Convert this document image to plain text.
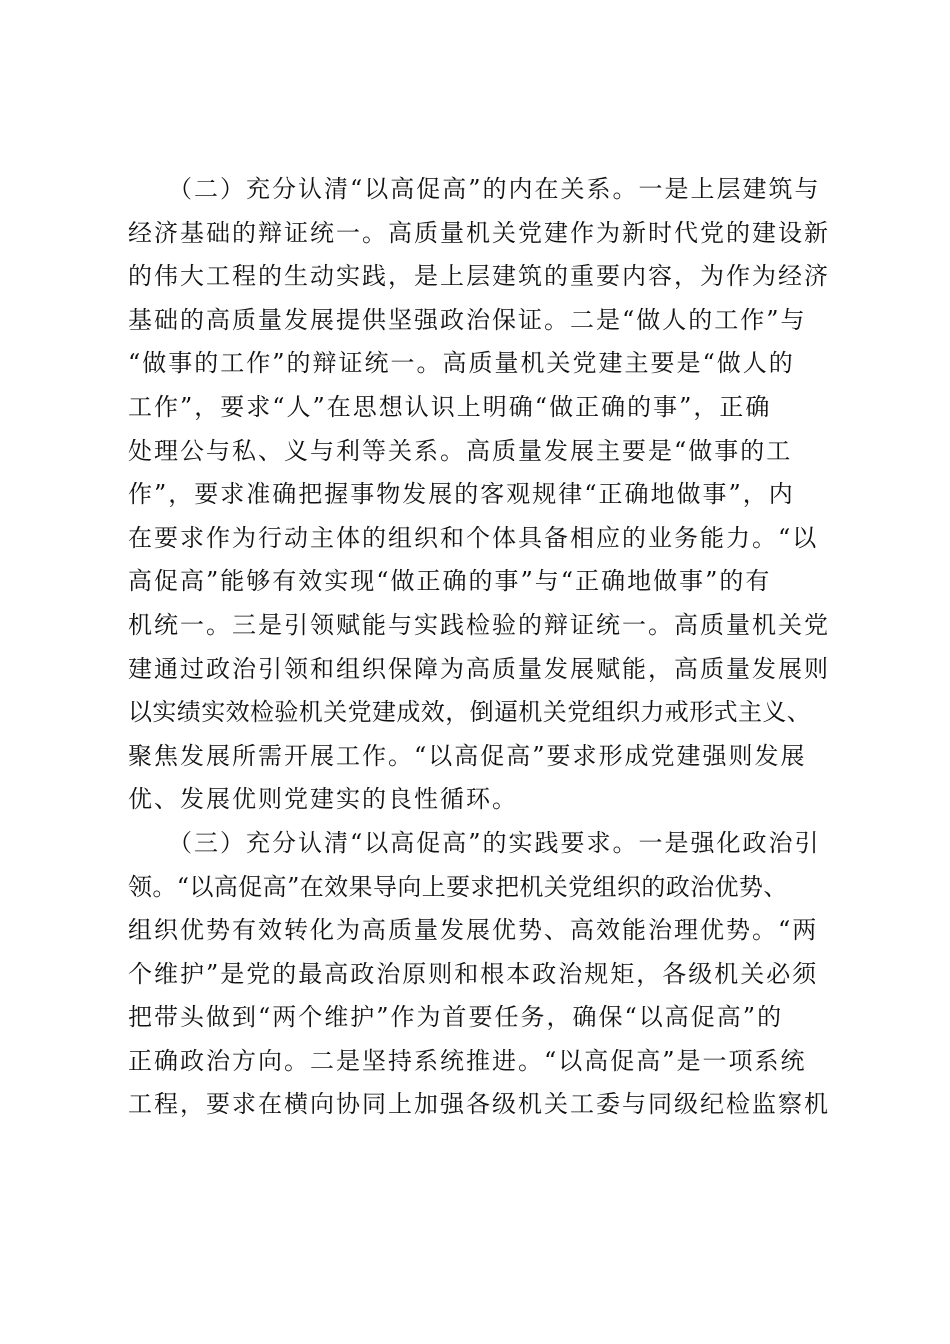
（二）充分认清“以高促高”的内在关系。一是上层建筑与
经济基础的辩证统一。高质量机关党建作为新时代党的建设新
的伟大工程的生动实践，是上层建筑的重要内容，为作为经济
基础的高质量发展提供坚强政治保证。二是“做人的工作”与
“做事的工作”的辩证统一。高质量机关党建主要是“做人的
工作”，要求“人”在思想认识上明确“做正确的事”，正确
处理公与私、义与利等关系。高质量发展主要是“做事的工
作”，要求准确把握事物发展的客观规律“正确地做事”，内
在要求作为行动主体的组织和个体具备相应的业务能力。“以
高促高”能够有效实现“做正确的事”与“正确地做事”的有
机统一。三是引领赋能与实践检验的辩证统一。高质量机关党
建通过政治引领和组织保障为高质量发展赋能，高质量发展则
以实绩实效检验机关党建成效，倒逼机关党组织力戒形式主义、
聚焦发展所需开展工作。“以高促高”要求形成党建强则发展
优、发展优则党建实的良性循环。
（三）充分认清“以高促高”的实践要求。一是强化政治引
领。“以高促高”在效果导向上要求把机关党组织的政治优势、
组织优势有效转化为高质量发展优势、高效能治理优势。“两
个维护”是党的最高政治原则和根本政治规矩，各级机关必须
把带头做到“两个维护”作为首要任务，确保“以高促高”的
正确政治方向。二是坚持系统推进。“以高促高”是一项系统
工程，要求在横向协同上加强各级机关工委与同级纪检监察机
